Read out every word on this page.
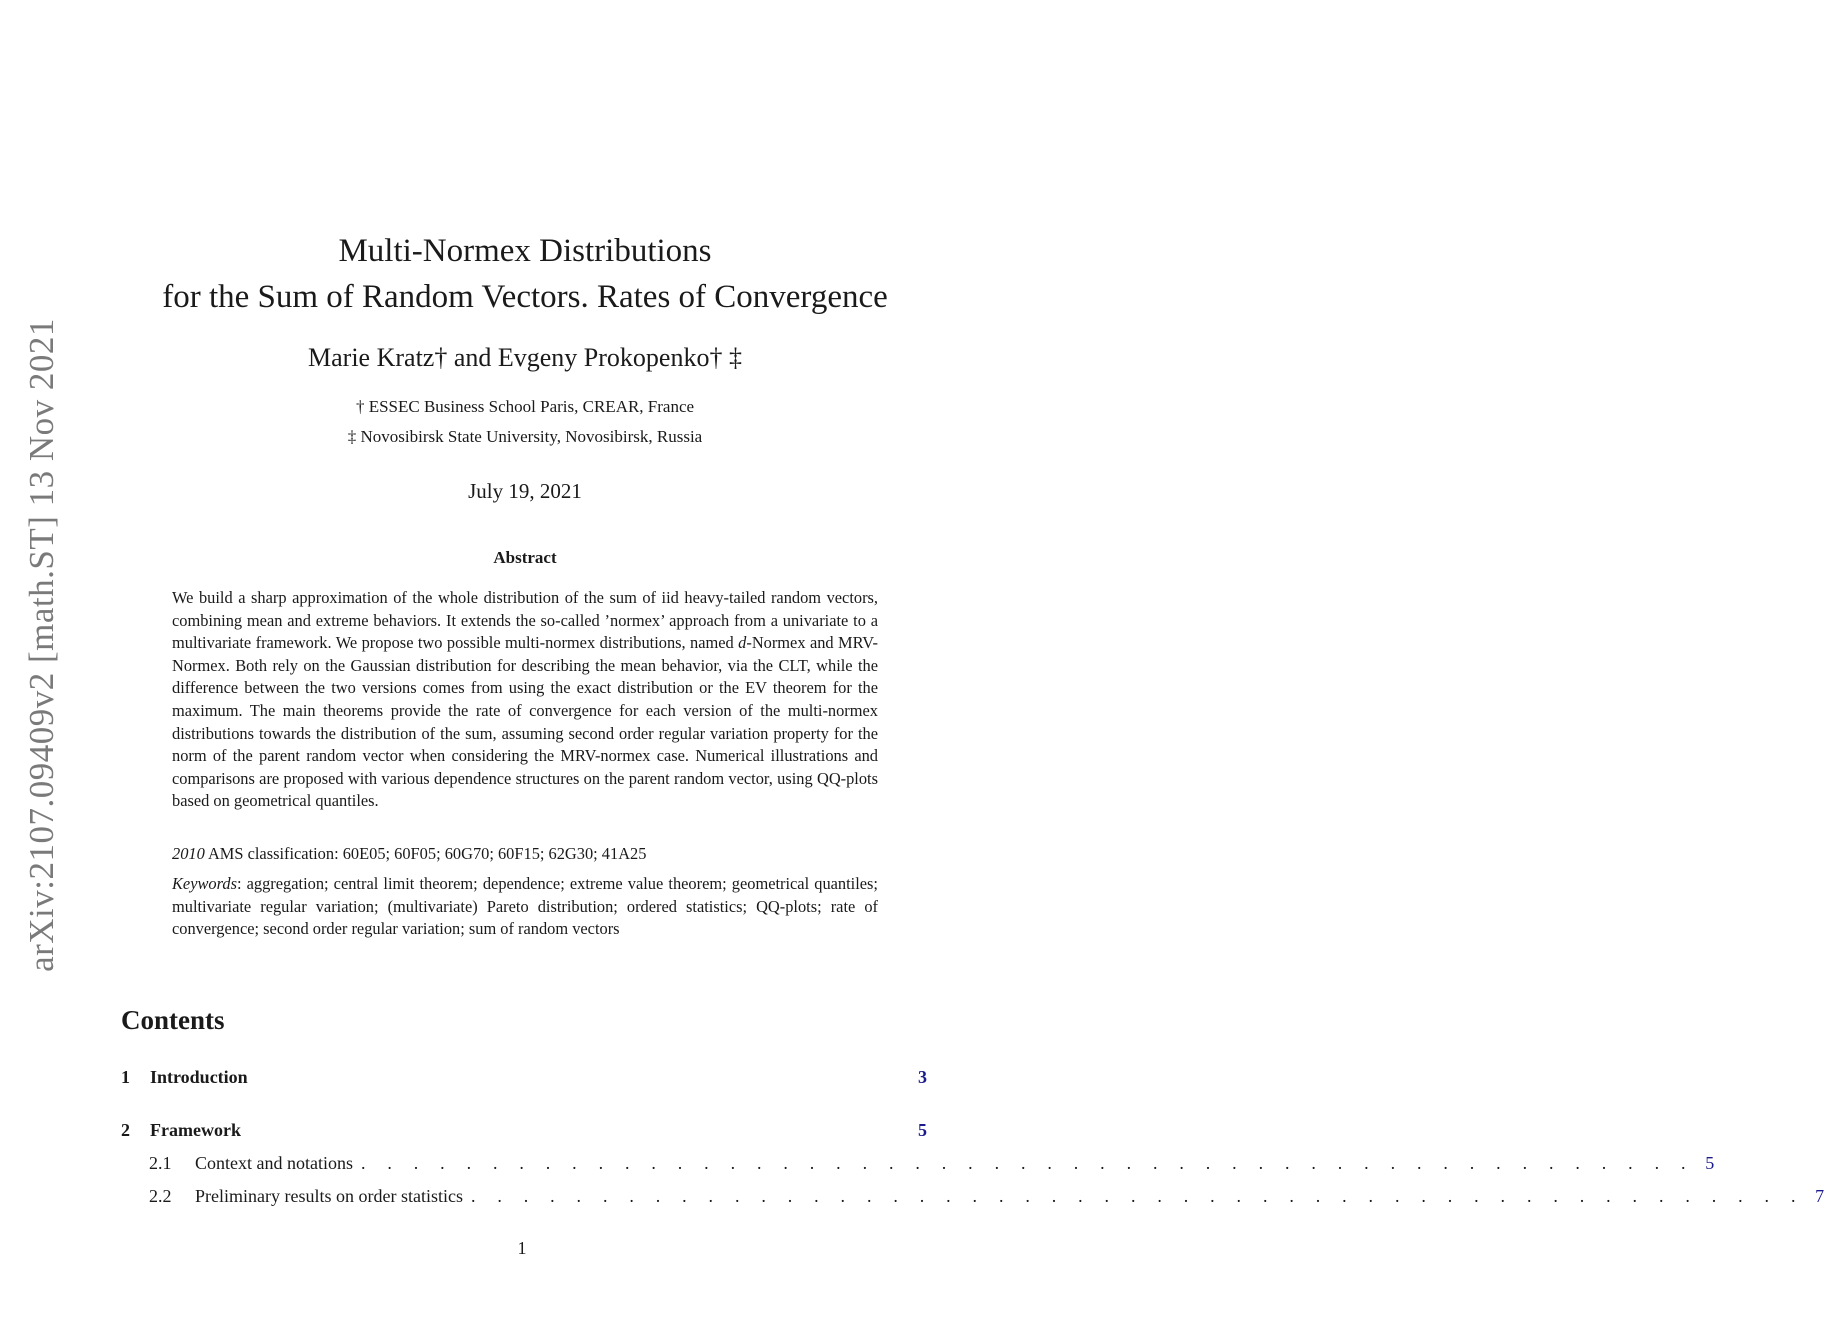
arXiv:2107.09409v2 [math.ST] 13 Nov 2021
Multi-Normex Distributions
for the Sum of Random Vectors. Rates of Convergence

Marie Kratz† and Evgeny Prokopenko† ‡

† ESSEC Business School Paris, CREAR, France

‡ Novosibirsk State University, Novosibirsk, Russia

July 19, 2021

Abstract

We build a sharp approximation of the whole distribution of the sum of iid heavy-tailed random vectors, combining mean and extreme behaviors. It extends the so-called ’normex’ approach from a univariate to a multivariate framework. We propose two possible multi-normex distributions, named d-Normex and MRV-Normex. Both rely on the Gaussian distribution for describing the mean behavior, via the CLT, while the difference between the two versions comes from using the exact distribution or the EV theorem for the maximum. The main theorems provide the rate of convergence for each version of the multi-normex distributions towards the distribution of the sum, assuming second order regular variation property for the norm of the parent random vector when considering the MRV-normex case. Numerical illustrations and comparisons are proposed with various dependence structures on the parent random vector, using QQ-plots based on geometrical quantiles.

2010 AMS classification: 60E05; 60F05; 60G70; 60F15; 62G30; 41A25

Keywords: aggregation; central limit theorem; dependence; extreme value theorem; geometrical quantiles; multivariate regular variation; (multivariate) Pareto distribution; ordered statistics; QQ-plots; rate of convergence; second order regular variation; sum of random vectors

Contents
1	Introduction	3
2	Framework	5
2.1	Context and notations . . . . . . . . . . . . . . . . . . . . . . . . . . . . . . . . . . . . . . . . . . . . . . . . . . . 5
2.2	Preliminary results on order statistics . . . . . . . . . . . . . . . . . . . . . . . . . . . . . . . . . . . . . . . . . . . . . . . . . . . 7

1
